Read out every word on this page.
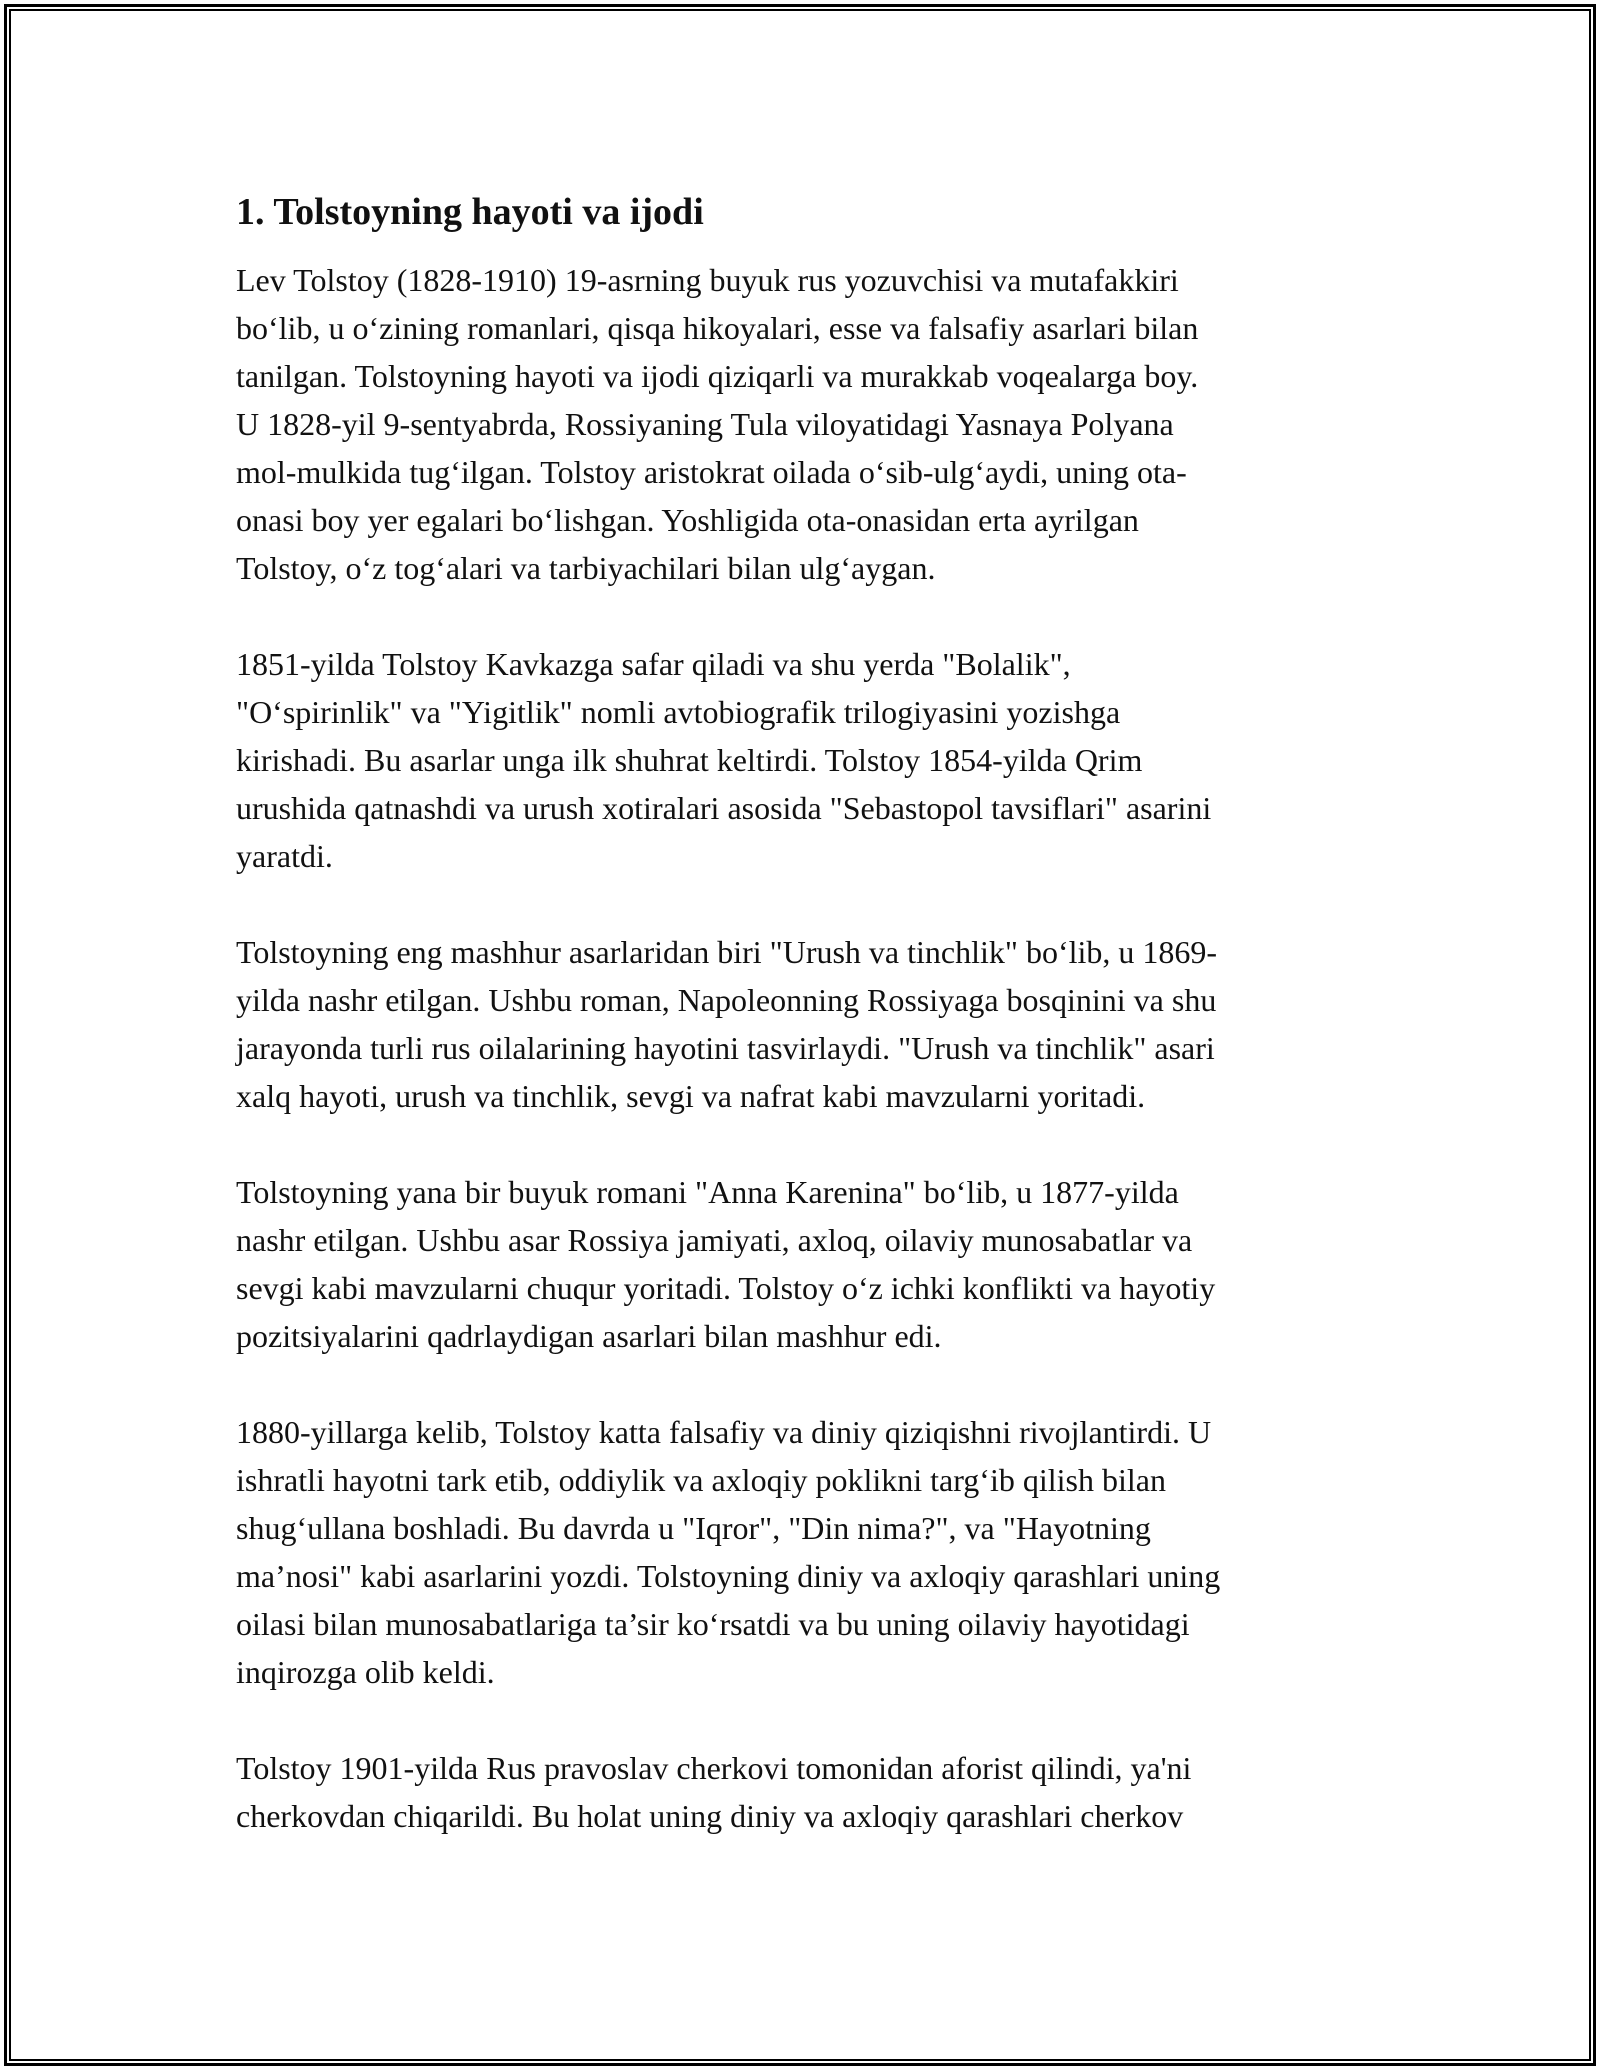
1. Tolstoyning hayoti va ijodi

Lev Tolstoy (1828-1910) 19-asrning buyuk rus yozuvchisi va mutafakkiri
bo‘lib, u o‘zining romanlari, qisqa hikoyalari, esse va falsafiy asarlari bilan
tanilgan. Tolstoyning hayoti va ijodi qiziqarli va murakkab voqealarga boy.
U 1828-yil 9-sentyabrda, Rossiyaning Tula viloyatidagi Yasnaya Polyana
mol-mulkida tug‘ilgan. Tolstoy aristokrat oilada o‘sib-ulg‘aydi, uning ota-
onasi boy yer egalari bo‘lishgan. Yoshligida ota-onasidan erta ayrilgan
Tolstoy, o‘z tog‘alari va tarbiyachilari bilan ulg‘aygan.

1851-yilda Tolstoy Kavkazga safar qiladi va shu yerda "Bolalik",
"O‘spirinlik" va "Yigitlik" nomli avtobiografik trilogiyasini yozishga
kirishadi. Bu asarlar unga ilk shuhrat keltirdi. Tolstoy 1854-yilda Qrim
urushida qatnashdi va urush xotiralari asosida "Sebastopol tavsiflari" asarini
yaratdi.

Tolstoyning eng mashhur asarlaridan biri "Urush va tinchlik" bo‘lib, u 1869-
yilda nashr etilgan. Ushbu roman, Napoleonning Rossiyaga bosqinini va shu
jarayonda turli rus oilalarining hayotini tasvirlaydi. "Urush va tinchlik" asari
xalq hayoti, urush va tinchlik, sevgi va nafrat kabi mavzularni yoritadi.

Tolstoyning yana bir buyuk romani "Anna Karenina" bo‘lib, u 1877-yilda
nashr etilgan. Ushbu asar Rossiya jamiyati, axloq, oilaviy munosabatlar va
sevgi kabi mavzularni chuqur yoritadi. Tolstoy o‘z ichki konflikti va hayotiy
pozitsiyalarini qadrlaydigan asarlari bilan mashhur edi.

1880-yillarga kelib, Tolstoy katta falsafiy va diniy qiziqishni rivojlantirdi. U
ishratli hayotni tark etib, oddiylik va axloqiy poklikni targ‘ib qilish bilan
shug‘ullana boshladi. Bu davrda u "Iqror", "Din nima?", va "Hayotning
ma’nosi" kabi asarlarini yozdi. Tolstoyning diniy va axloqiy qarashlari uning
oilasi bilan munosabatlariga ta’sir ko‘rsatdi va bu uning oilaviy hayotidagi
inqirozga olib keldi.

Tolstoy 1901-yilda Rus pravoslav cherkovi tomonidan aforist qilindi, ya'ni
cherkovdan chiqarildi. Bu holat uning diniy va axloqiy qarashlari cherkov
